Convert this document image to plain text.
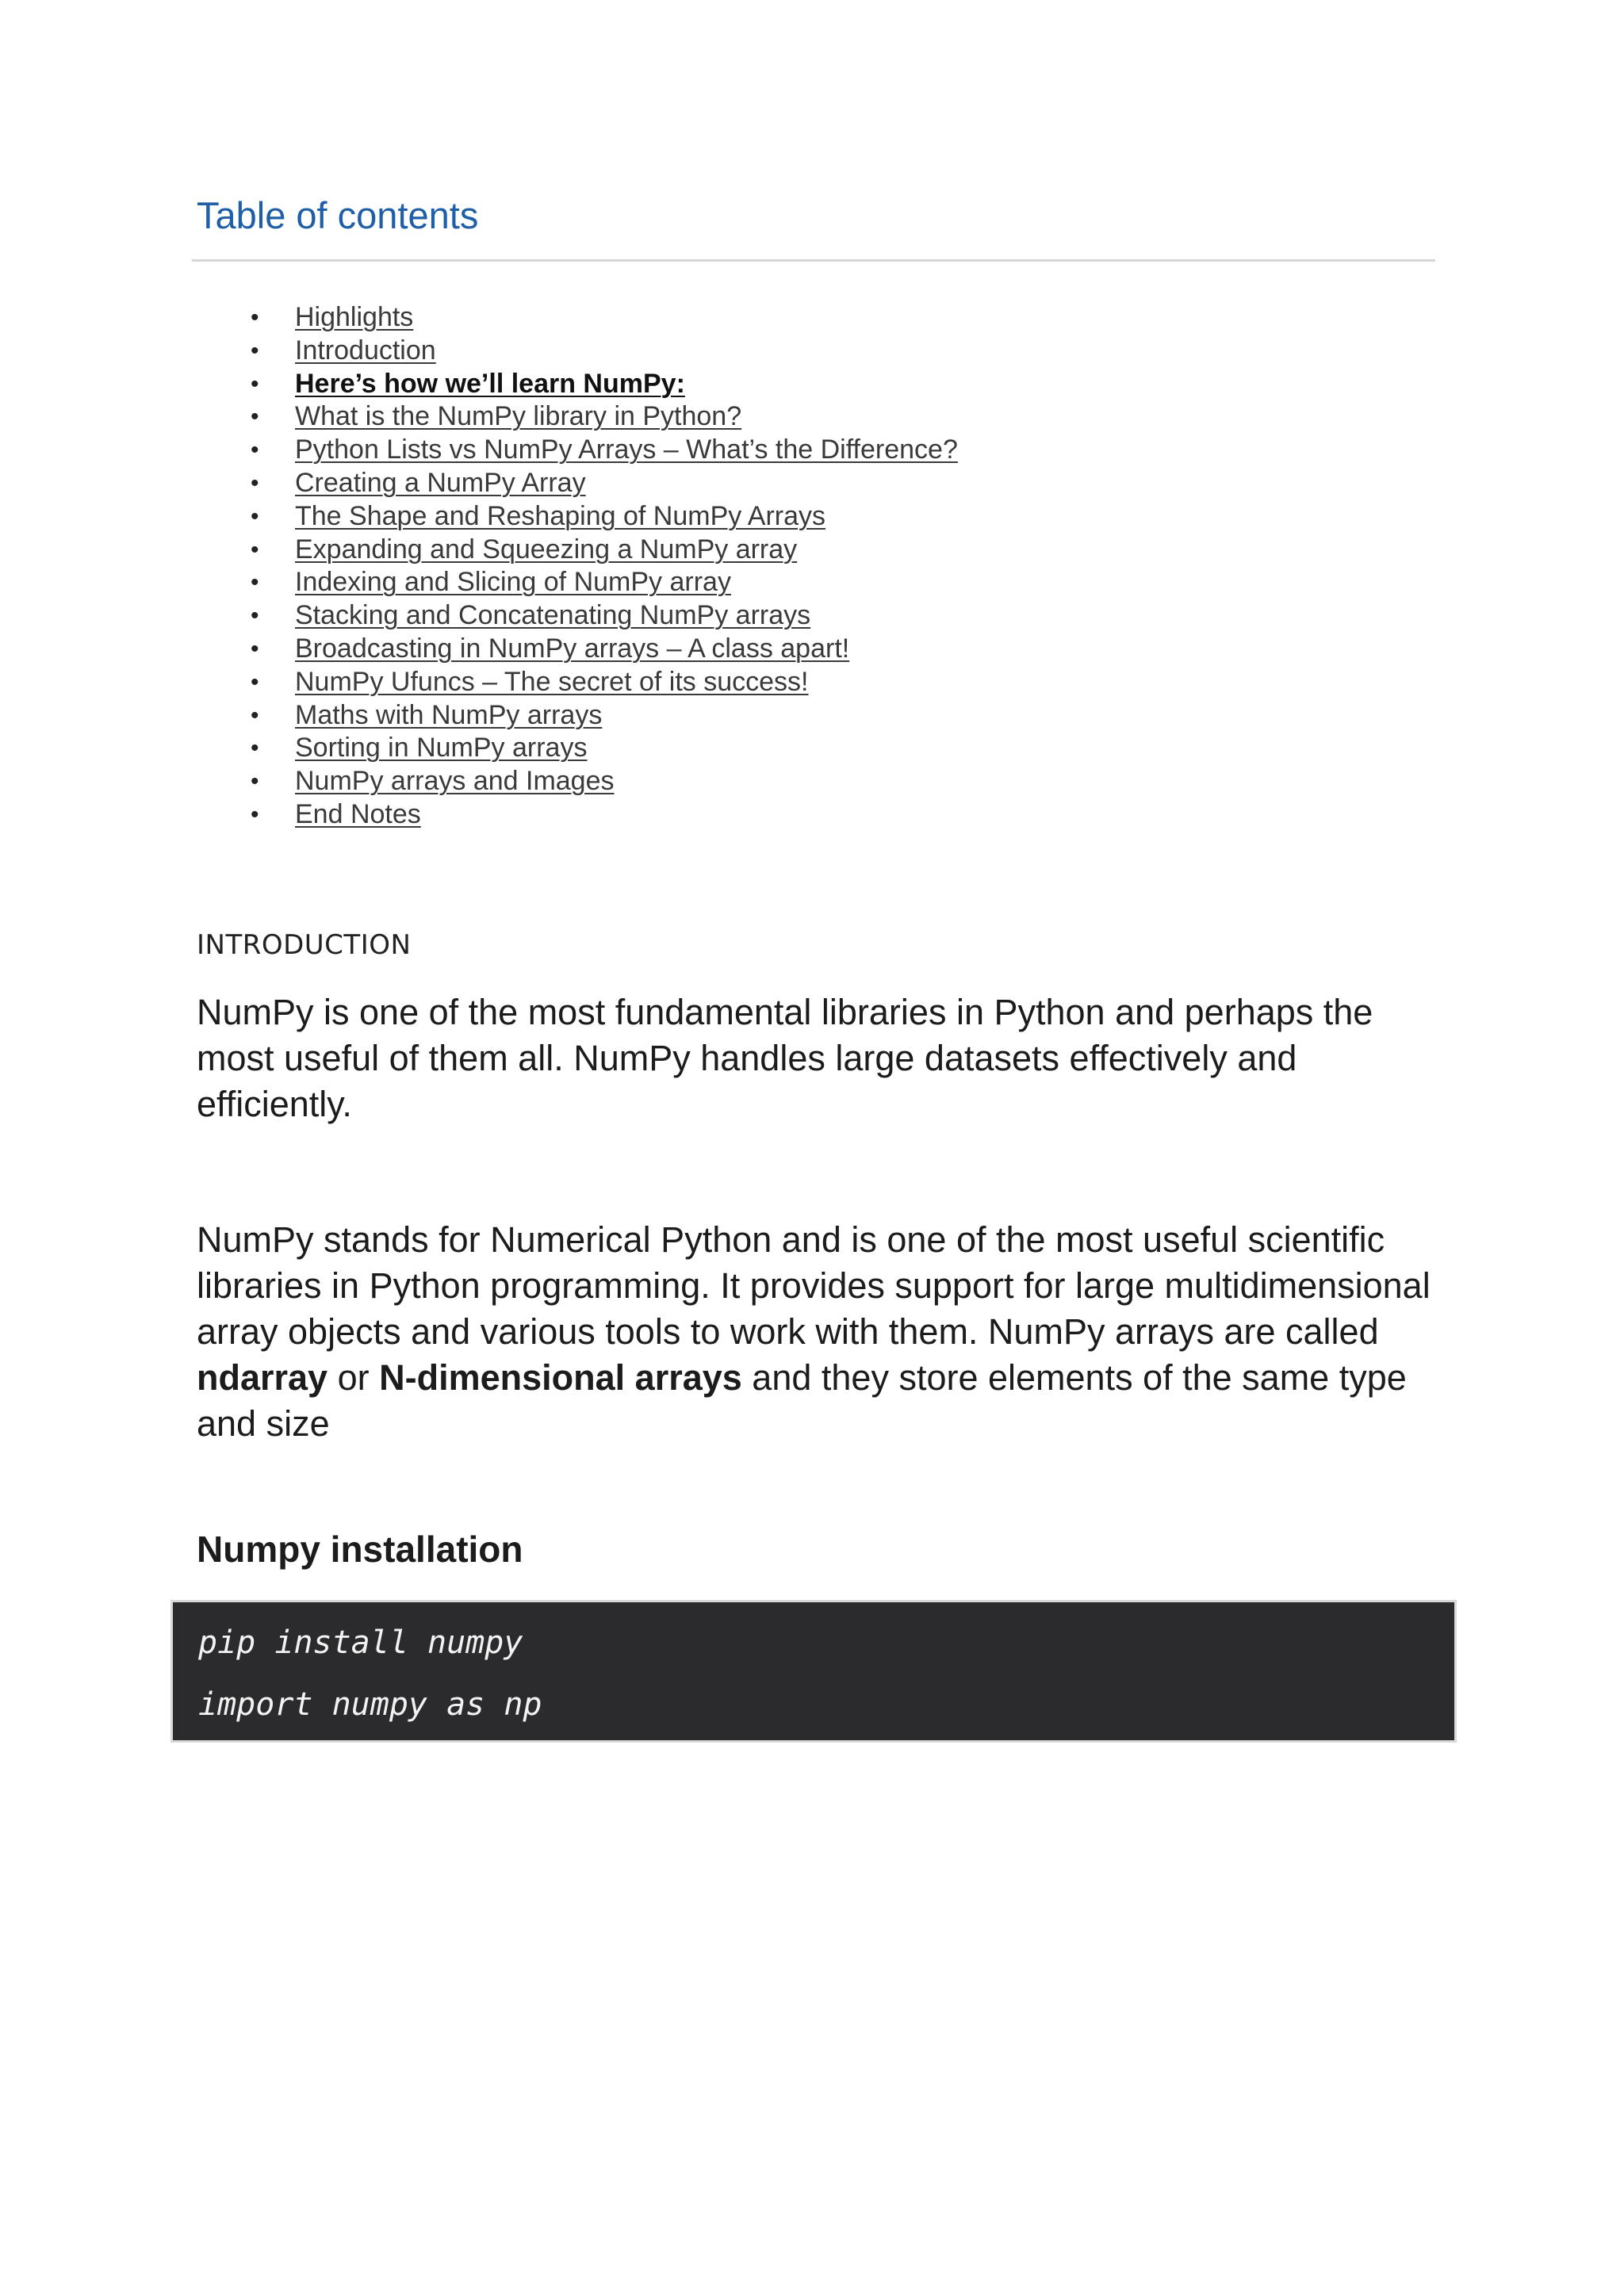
Table of contents
• Highlights
• Introduction
• Here’s how we’ll learn NumPy:
• What is the NumPy library in Python?
• Python Lists vs NumPy Arrays – What’s the Difference?
• Creating a NumPy Array
• The Shape and Reshaping of NumPy Arrays
• Expanding and Squeezing a NumPy array
• Indexing and Slicing of NumPy array
• Stacking and Concatenating NumPy arrays
• Broadcasting in NumPy arrays – A class apart!
• NumPy Ufuncs – The secret of its success!
• Maths with NumPy arrays
• Sorting in NumPy arrays
• NumPy arrays and Images
• End Notes

INTRODUCTION

NumPy is one of the most fundamental libraries in Python and perhaps the most useful of them all. NumPy handles large datasets effectively and efficiently.

NumPy stands for Numerical Python and is one of the most useful scientific libraries in Python programming. It provides support for large multidimensional array objects and various tools to work with them. NumPy arrays are called ndarray or N-dimensional arrays and they store elements of the same type and size

Numpy installation
pip install numpy
import numpy as np
